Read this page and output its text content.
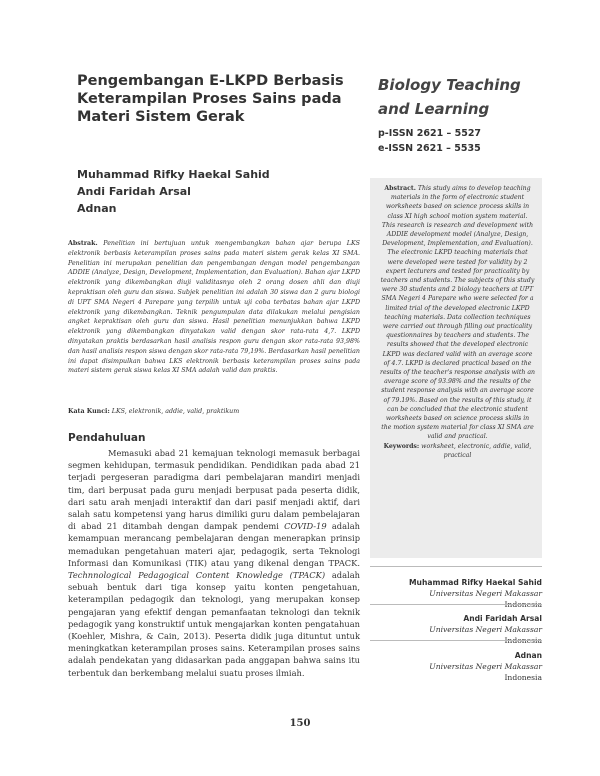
Pengembangan E-LKPD Berbasis Keterampilan Proses Sains pada Materi Sistem Gerak
Biology Teaching
and Learning
p-ISSN 2621 – 5527
e-ISSN 2621 – 5535
Muhammad Rifky Haekal Sahid
Andi Faridah Arsal
Adnan
Abstrak. Penelitian ini bertujuan untuk mengembangkan bahan ajar berupa LKS elektronik berbasis keterampilan proses sains pada materi sistem gerak kelas XI SMA. Penelitian ini merupakan penelitian dan pengembangan dengan model pengembangan ADDIE (Analyze, Design, Development, Implementation, dan Evaluation). Bahan ajar LKPD elektronik yang dikembangkan diuji validitasnya oleh 2 orang dosen ahli dan diuji kepraktisan oleh guru dan siswa. Subjek penelitian ini adalah 30 siswa dan 2 guru biologi di UPT SMA Negeri 4 Parepare yang terpilih untuk uji coba terbatas bahan ajar LKPD elektronik yang dikembangkan. Teknik pengumpulan data dilakukan melalui pengisian angket kepraktisan oleh guru dan siswa. Hasil penelitian menunjukkan bahwa LKPD elektronik yang dikembangkan dinyatakan valid dengan skor rata-rata 4,7. LKPD dinyatakan praktis berdasarkan hasil analisis respon guru dengan skor rata-rata 93,98% dan hasil analisis respon siswa dengan skor rata-rata 79,19%. Berdasarkan hasil penelitian ini dapat disimpulkan bahwa LKS elektronik berbasis keterampilan proses sains pada materi sistem gerak siswa kelas XI SMA adalah valid dan praktis.
Kata Kunci: LKS, elektronik, addie, valid, praktikum
Pendahuluan
Memasuki abad 21 kemajuan teknologi memasuk berbagai segmen kehidupan, termasuk pendidikan. Pendidikan pada abad 21 terjadi pergeseran paradigma dari pembelajaran mandiri menjadi tim, dari berpusat pada guru menjadi berpusat pada peserta didik, dari satu arah menjadi interaktif dan dari pasif menjadi aktif, dari salah satu kompetensi yang harus dimiliki guru dalam pembelajaran di abad 21 ditambah dengan dampak pendemi COVID-19 adalah kemampuan merancang pembelajaran dengan menerapkan prinsip memadukan pengetahuan materi ajar, pedagogik, serta Teknologi Informasi dan Komunikasi (TIK) atau yang dikenal dengan TPACK. Technnological Pedagogical Content Knowledge (TPACK) adalah sebuah bentuk dari tiga konsep yaitu konten pengetahuan, keterampilan pedagogik dan teknologi, yang merupakan konsep pengajaran yang efektif dengan pemanfaatan teknologi dan teknik pedagogik yang konstruktif untuk mengajarkan konten pengatahuan (Koehler, Mishra, & Cain, 2013). Peserta didik juga dituntut untuk meningkatkan keterampilan proses sains. Keterampilan proses sains adalah pendekatan yang didasarkan pada anggapan bahwa sains itu terbentuk dan berkembang melalui suatu proses ilmiah.
Abstract. This study aims to develop teaching materials in the form of electronic student worksheets based on science process skills in class XI high school motion system material. This research is research and development with ADDIE development model (Analyze, Design, Development, Implementation, and Evaluation). The electronic LKPD teaching materials that were developed were tested for validity by 2 expert lecturers and tested for practicality by teachers and students. The subjects of this study were 30 students and 2 biology teachers at UPT SMA Negeri 4 Parepare who were selected for a limited trial of the developed electronic LKPD teaching materials. Data collection techniques were carried out through filling out practicality questionnaires by teachers and students. The results showed that the developed electronic LKPD was declared valid with an average score of 4.7. LKPD is declared practical based on the results of the teacher's response analysis with an average score of 93.98% and the results of the student response analysis with an average score of 79.19%. Based on the results of this study, it can be concluded that the electronic student worksheets based on science process skills in the motion system material for class XI SMA are valid and practical.
Keywords: worksheet, electronic, addie, valid, practical
Muhammad Rifky Haekal Sahid
Universitas Negeri Makassar
Indonesia
Andi Faridah Arsal
Universitas Negeri Makassar
Indonesia
Adnan
Universitas Negeri Makassar
Indonesia
150
